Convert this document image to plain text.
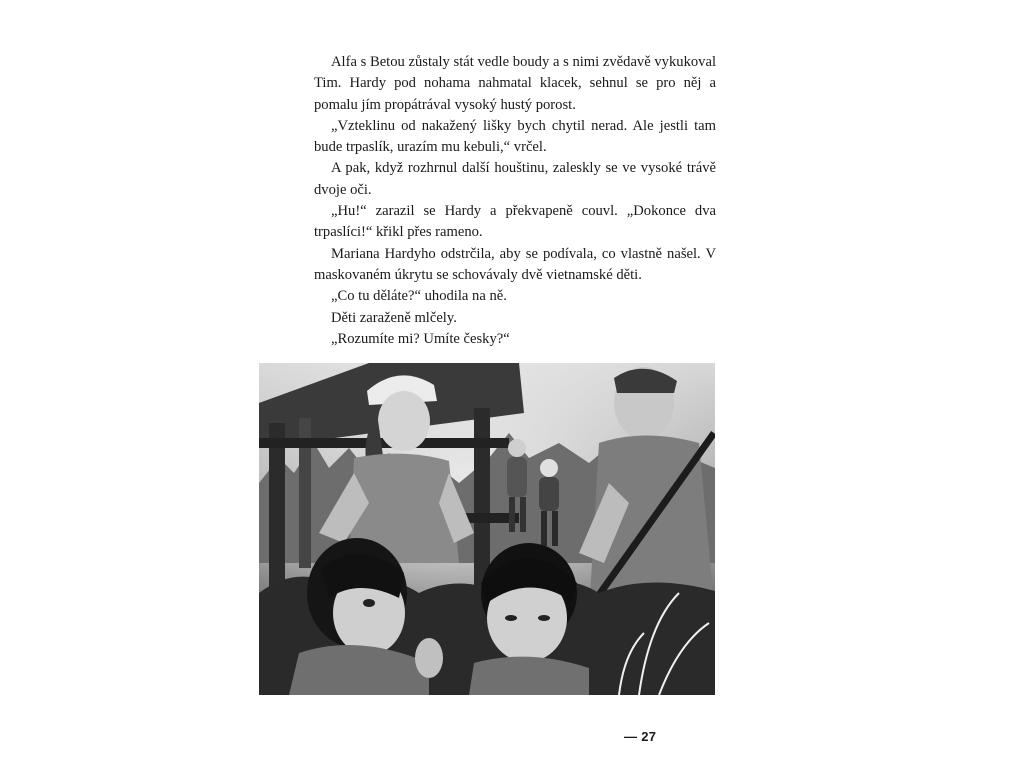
Alfa s Betou zůstaly stát vedle boudy a s nimi zvědavě vykukoval Tim. Hardy pod nohama nahmatal klacek, sehnul se pro něj a pomalu jím propátrával vysoký hustý porost.

„Vzteklinu od nakažený lišky bych chytil nerad. Ale jestli tam bude trpaslík, urazím mu kebuli,“ vrčel.

A pak, když rozhrnul další houštinu, zaleskly se ve vysoké trávě dvoje oči.

„Hu!“ zarazil se Hardy a překvapeně couvl. „Dokonce dva trpaslíci!“ křikl přes rameno.

Mariana Hardyho odstrčila, aby se podívala, co vlastně našel. V maskovaném úkrytu se schovávaly dvě vietnamské děti.

„Co tu děláte?“ uhodila na ně.

Děti zaraženě mlčely.

„Rozumíte mi? Umíte česky?“

— 27
